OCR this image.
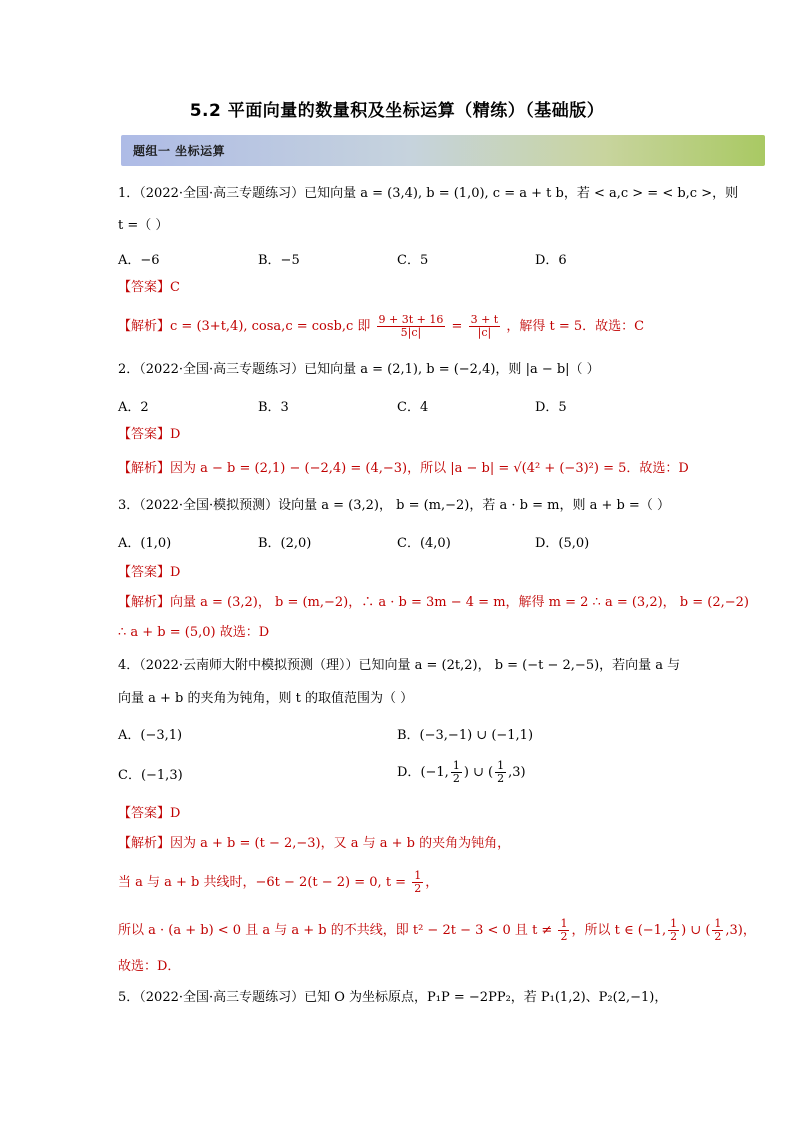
5.2 平面向量的数量积及坐标运算（精练）（基础版）
题组一 坐标运算
1．（2022·全国·高三专题练习）已知向量 a = (3,4), b = (1,0), c = a + t b，若 < a,c > = < b,c >，则
t =（ ）
A．−6	B．−5	C．5	D．6
【答案】C
【解析】c = (3+t,4), cosa,c = cosb,c 即 $\frac{9 + 3t + 16}{5|c|} = \frac{3 + t}{|c|}$ ，解得 t = 5．故选：C
2．（2022·全国·高三专题练习）已知向量 a = (2,1), b = (−2,4)，则 |a − b|（ ）
A．2	B．3	C．4	D．5
【答案】D
【解析】因为 a − b = (2,1) − (−2,4) = (4,−3)，所以 |a − b| = √(4² + (−3)²) = 5．故选：D
3．（2022·全国·模拟预测）设向量 a = (3,2)， b = (m,−2)，若 a · b = m，则 a + b =（ ）
A．(1,0)	B．(2,0)	C．(4,0)	D．(5,0)
【答案】D
【解析】向量 a = (3,2)， b = (m,−2)，∴ a · b = 3m − 4 = m，解得 m = 2 ∴ a = (3,2)， b = (2,−2)
∴ a + b = (5,0) 故选：D
4．（2022·云南师大附中模拟预测（理））已知向量 a = (2t,2)， b = (−t − 2,−5)，若向量 a 与
向量 a + b 的夹角为钝角，则 t 的取值范围为（ ）
A．(−3,1)	B．(−3,−1) ∪ (−1,1)
C．(−1,3)	D．(−1, $\frac{1}{2}$ ) ∪ ( $\frac{1}{2} ,3$)
【答案】D
【解析】因为 a + b = (t − 2,−3)，又 a 与 a + b 的夹角为钝角，
当 a 与 a + b 共线时，−6t − 2(t − 2) = 0, $t = \frac{1}{2}$ ，
所以 a · (a + b) < 0 且 a 与 a + b 的不共线，即 t² − 2t − 3 < 0 且 $t \ne \frac{1}{2}$ ，所以 t ∈ (−1, $\frac{1}{2}$ ) ∪ ( $\frac{1}{2} ,3$)，
故选：D．
5．（2022·全国·高三专题练习）已知 O 为坐标原点，P₁P = −2PP₂，若 P₁(1,2)、P₂(2,−1)，
